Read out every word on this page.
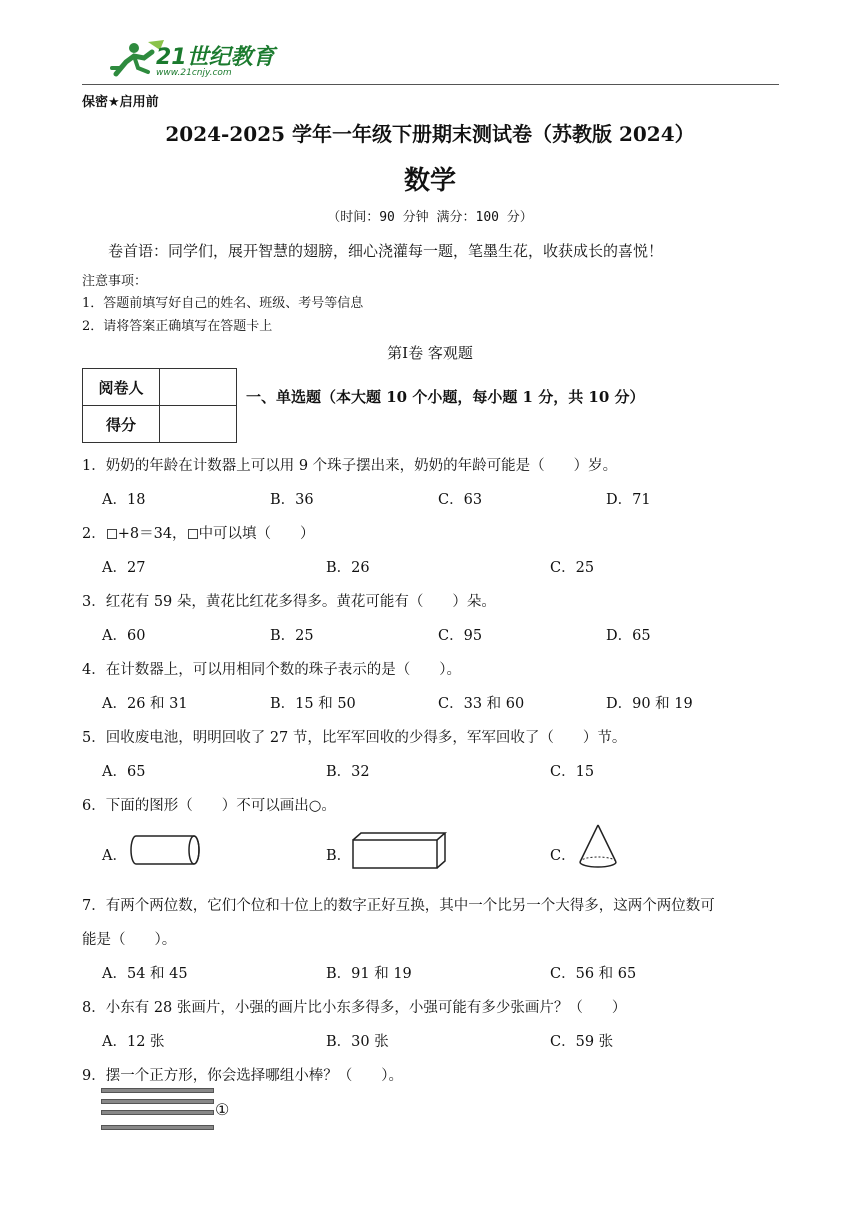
21世纪教育
www.21cnjy.com
保密★启用前
2024-2025 学年一年级下册期末测试卷（苏教版 2024）
数学
（时间：90 分钟 满分：100 分）
卷首语：同学们，展开智慧的翅膀，细心浇灌每一题，笔墨生花，收获成长的喜悦！
注意事项：
1．答题前填写好自己的姓名、班级、考号等信息
2．请将答案正确填写在答题卡上
第Ⅰ卷 客观题
阅卷人	
得分	
一、单选题（本大题 10 个小题，每小题 1 分，共 10 分）
1．奶奶的年龄在计数器上可以用 9 个珠子摆出来，奶奶的年龄可能是（　　）岁。
A．18	B．36	C．63	D．71
2． +8＝34， 中可以填（　　）
A．27	B．26	C．25
3．红花有 59 朵，黄花比红花多得多。黄花可能有（　　）朵。
A．60	B．25	C．95	D．65
4．在计数器上，可以用相同个数的珠子表示的是（　　）。
A．26 和 31	B．15 和 50	C．33 和 60	D．90 和 19
5．回收废电池，明明回收了 27 节，比军军回收的少得多，军军回收了（　　）节。
A．65	B．32	C．15
6．下面的图形（　　）不可以画出○。
A．	B．	C．
7．有两个两位数，它们个位和十位上的数字正好互换，其中一个比另一个大得多，这两个两位数可
能是（　　）。
A．54 和 45	B．91 和 19	C．56 和 65
8．小东有 28 张画片，小强的画片比小东多得多，小强可能有多少张画片？（　　）
A．12 张	B．30 张	C．59 张
9．摆一个正方形，你会选择哪组小棒？（　　）。
①
